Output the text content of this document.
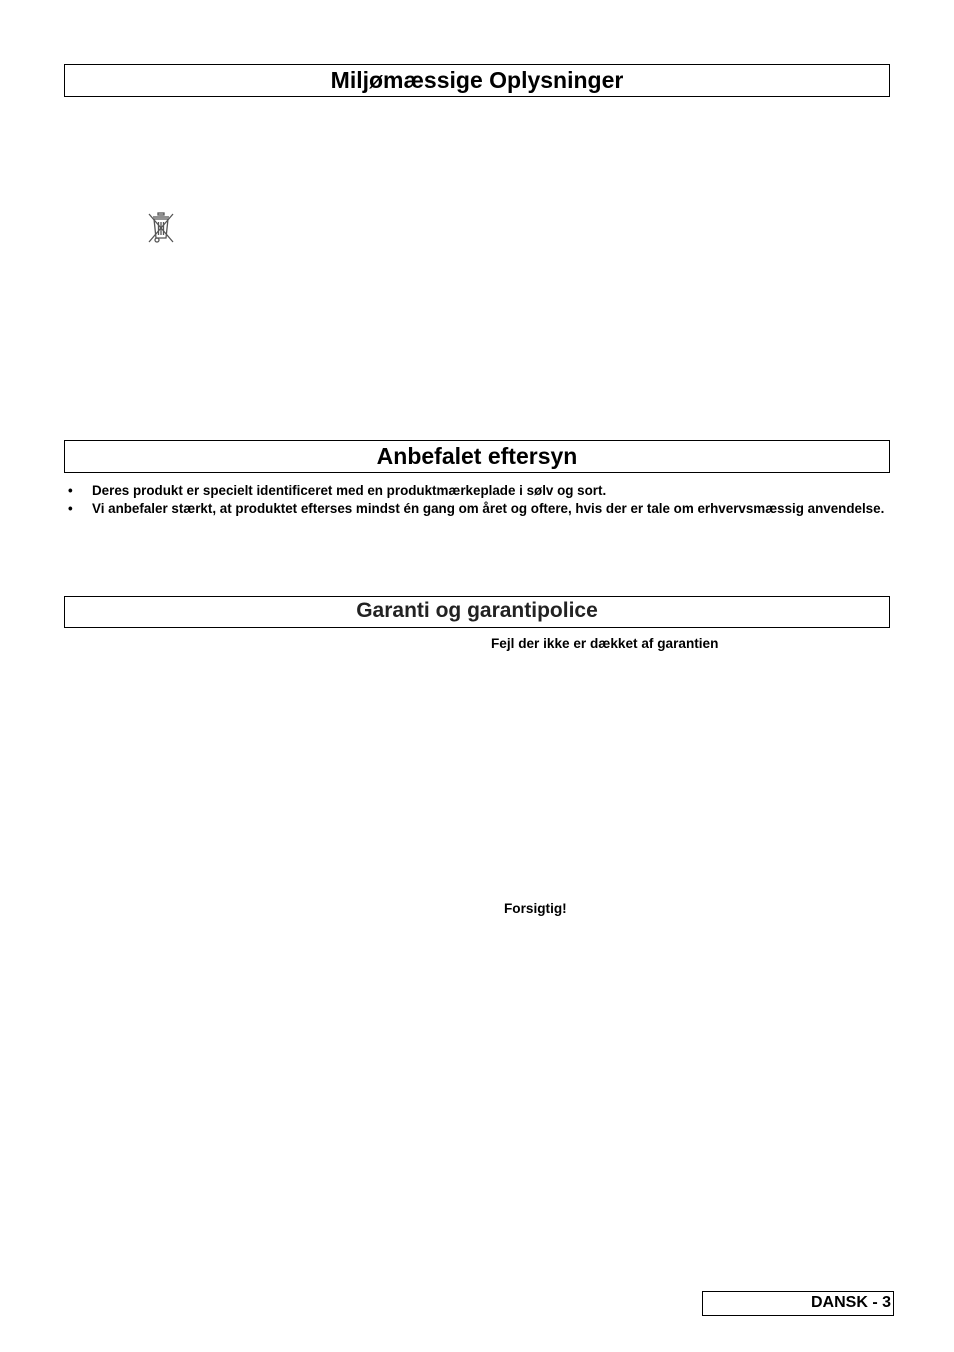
Miljømæssige Oplysninger
Anbefalet eftersyn
• Deres produkt er specielt identificeret med en produktmærkeplade i sølv og sort.
• Vi anbefaler stærkt, at produktet efterses mindst én gang om året og oftere, hvis der er tale om erhvervsmæssig anvendelse.
Garanti og garantipolice
Fejl der ikke er dækket af garantien
Forsigtig!
DANSK - 3
